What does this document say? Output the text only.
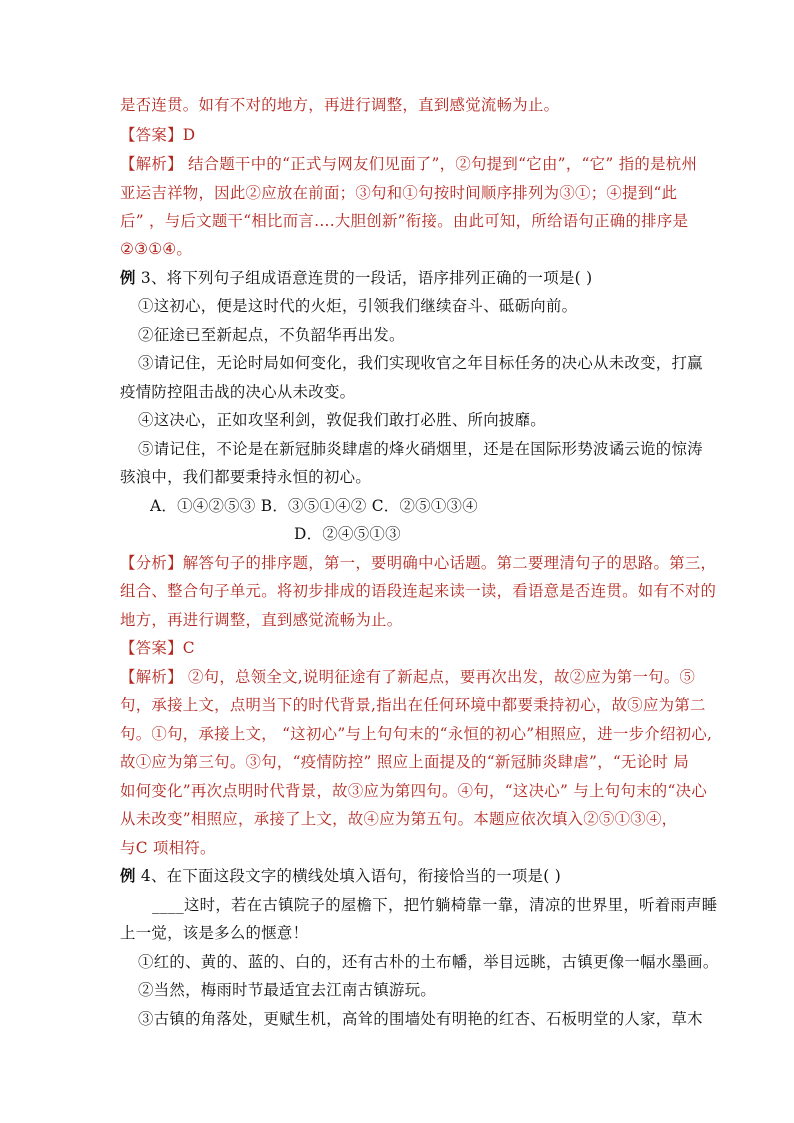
是否连贯。如有不对的地方，再进行调整，直到感觉流畅为止。
【答案】D
【解析】 结合题干中的“正式与网友们见面了”，②句提到“它由”，“它” 指的是杭州
亚运吉祥物，因此②应放在前面；③句和①句按时间顺序排列为③①；④提到“此
后” ，与后文题干“相比而言....大胆创新”衔接。由此可知，所给语句正确的排序是
②③①④。
例 3、将下列句子组成语意连贯的一段话，语序排列正确的一项是( )
①这初心，便是这时代的火炬，引领我们继续奋斗、砥砺向前。
②征途已至新起点，不负韶华再出发。
③请记住，无论时局如何变化，我们实现收官之年目标任务的决心从未改变，打赢
疫情防控阻击战的决心从未改变。
④这决心，正如攻坚利剑，敦促我们敢打必胜、所向披靡。
⑤请记住，不论是在新冠肺炎肆虐的烽火硝烟里，还是在国际形势波谲云诡的惊涛
骇浪中，我们都要秉持永恒的初心。
A．①④②⑤③ B．③⑤①④② C．②⑤①③④
D．②④⑤①③
【分析】解答句子的排序题，第一，要明确中心话题。第二要理清句子的思路。第三，
组合、整合句子单元。将初步排成的语段连起来读一读，看语意是否连贯。如有不对的
地方，再进行调整，直到感觉流畅为止。
【答案】C
【解析】 ②句，总领全文,说明征途有了新起点，要再次出发，故②应为第一句。⑤
句，承接上文，点明当下的时代背景,指出在任何环境中都要秉持初心，故⑤应为第二
句。①句，承接上文， “这初心”与上句句末的“永恒的初心”相照应，进一步介绍初心,
故①应为第三句。③句，“疫情防控” 照应上面提及的“新冠肺炎肆虐”，“无论时 局
如何变化”再次点明时代背景，故③应为第四句。④句，“这决心” 与上句句末的“决心
从未改变”相照应，承接了上文，故④应为第五句。本题应依次填入②⑤①③④，
与C 项相符。
例 4、在下面这段文字的横线处填入语句，衔接恰当的一项是( )
____这时，若在古镇院子的屋檐下，把竹躺椅靠一靠，清凉的世界里，听着雨声睡
上一觉，该是多么的惬意！
①红的、黄的、蓝的、白的，还有古朴的土布幡，举目远眺，古镇更像一幅水墨画。
②当然，梅雨时节最适宜去江南古镇游玩。
③古镇的角落处，更赋生机，高耸的围墙处有明艳的红杏、石板明堂的人家，草木
